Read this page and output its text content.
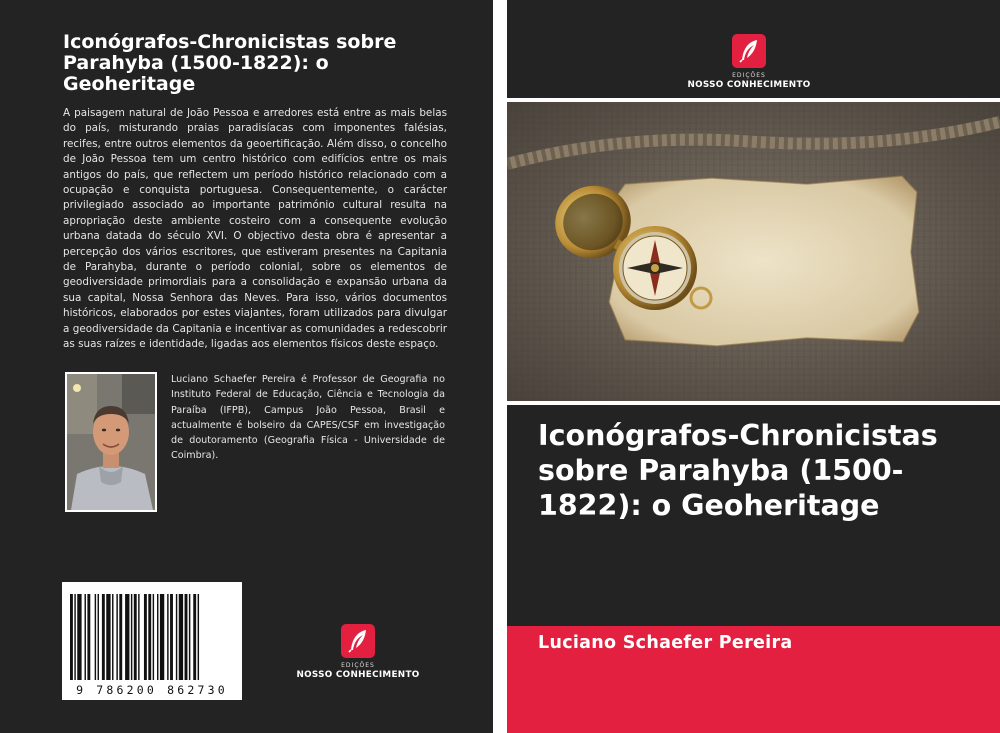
Iconógrafos-Chronicistas sobre Parahyba (1500-1822): o Geoheritage

A paisagem natural de João Pessoa e arredores está entre as mais belas do país, misturando praias paradisíacas com imponentes falésias, recifes, entre outros elementos da geoertificação. Além disso, o concelho de João Pessoa tem um centro histórico com edifícios entre os mais antigos do país, que reflectem um período histórico relacionado com a ocupação e conquista portuguesa. Consequentemente, o carácter privilegiado associado ao importante património cultural resulta na apropriação deste ambiente costeiro com a consequente evolução urbana datada do século XVI. O objectivo desta obra é apresentar a percepção dos vários escritores, que estiveram presentes na Capitania de Parahyba, durante o período colonial, sobre os elementos de geodiversidade primordiais para a consolidação e expansão urbana da sua capital, Nossa Senhora das Neves. Para isso, vários documentos históricos, elaborados por estes viajantes, foram utilizados para divulgar a geodiversidade da Capitania e incentivar as comunidades a redescobrir as suas raízes e identidade, ligadas aos elementos físicos deste espaço.

Luciano Schaefer Pereira é Professor de Geografia no Instituto Federal de Educação, Ciência e Tecnologia da Paraíba (IFPB), Campus João Pessoa, Brasil e actualmente é bolseiro da CAPES/CSF em investigação de doutoramento (Geografia Física - Universidade de Coimbra).

9 786200 862730
EDIÇÕES
NOSSO CONHECIMENTO
EDIÇÕES
NOSSO CONHECIMENTO
Iconógrafos-Chronicistas sobre Parahyba (1500-1822): o Geoheritage
Luciano Schaefer Pereira
